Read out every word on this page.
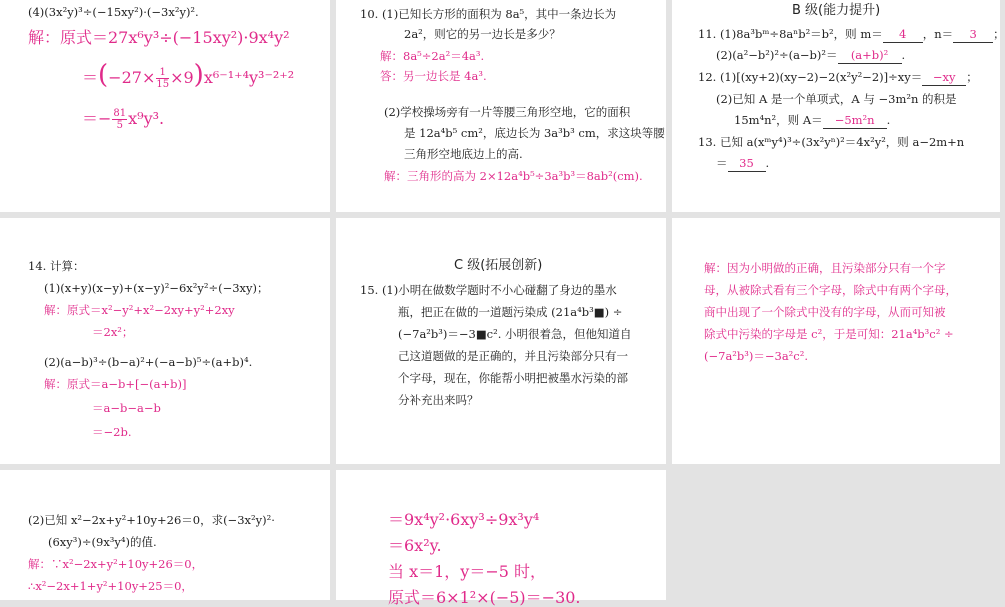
(4)(3x²y)³÷(−15xy²)·(−3x²y)².
解：原式＝27x⁶y³÷(−15xy²)·9x⁴y²
$=(-27\times \frac{1}{15} \times 9)x^{6-1+4}y^{3-2+2}$
＝− $\frac{81}{5} x^9y^3$.
10. (1)已知长方形的面积为 8a⁵，其中一条边长为
2a²，则它的另一边长是多少？
解：8a⁵÷2a²＝4a³.
答：另一边长是 4a³.
(2)学校操场旁有一片等腰三角形空地，它的面积
是 12a⁴b⁵ cm²，底边长为 3a³b³ cm，求这块等腰
三角形空地底边上的高.
解：三角形的高为 2×12a⁴b⁵÷3a³b³＝8ab²(cm).
B 级(能力提升)
11. (1)8a³bᵐ÷8aⁿb²＝b²，则 m＝ 4 ，n＝ 3 ；
(2)(a²−b²)²÷(a−b)²＝ (a+b)² .
12. (1)[(xy+2)(xy−2)−2(x²y²−2)]÷xy＝ −xy ；
(2)已知 A 是一个单项式，A 与 −3m²n 的积是
15m⁴n²，则 A＝ −5m²n .
13. 已知 a(xᵐy⁴)³÷(3x²yⁿ)²＝4x²y²，则 a−2m+n
＝ 35 .
14. 计算：
(1)(x+y)(x−y)+(x−y)²−6x²y²÷(−3xy)；
解：原式＝x²−y²+x²−2xy+y²+2xy
＝2x²；
(2)(a−b)³÷(b−a)²+(−a−b)⁵÷(a+b)⁴.
解：原式＝a−b+[−(a+b)]
＝a−b−a−b
＝−2b.
C 级(拓展创新)
15. (1)小明在做数学题时不小心碰翻了身边的墨水
瓶，把正在做的一道题污染成 (21a⁴b³■) ÷
(−7a²b³)＝−3■c². 小明很着急，但他知道自
己这道题做的是正确的，并且污染部分只有一
个字母，现在，你能帮小明把被墨水污染的部
分补充出来吗？
解：因为小明做的正确，且污染部分只有一个字
母，从被除式看有三个字母，除式中有两个字母，
商中出现了一个除式中没有的字母，从而可知被
除式中污染的字母是 c²，于是可知：21a⁴b³c² ÷
(−7a²b³)＝−3a²c².
(2)已知 x²−2x+y²+10y+26＝0，求(−3x²y)²·
(6xy³)÷(9x³y⁴)的值.
解：∵x²−2x+y²+10y+26＝0，
∴x²−2x+1+y²+10y+25＝0，
＝9x⁴y²·6xy³÷9x³y⁴
＝6x²y.
当 x＝1，y＝−5 时，
原式＝6×1²×(−5)＝−30.
